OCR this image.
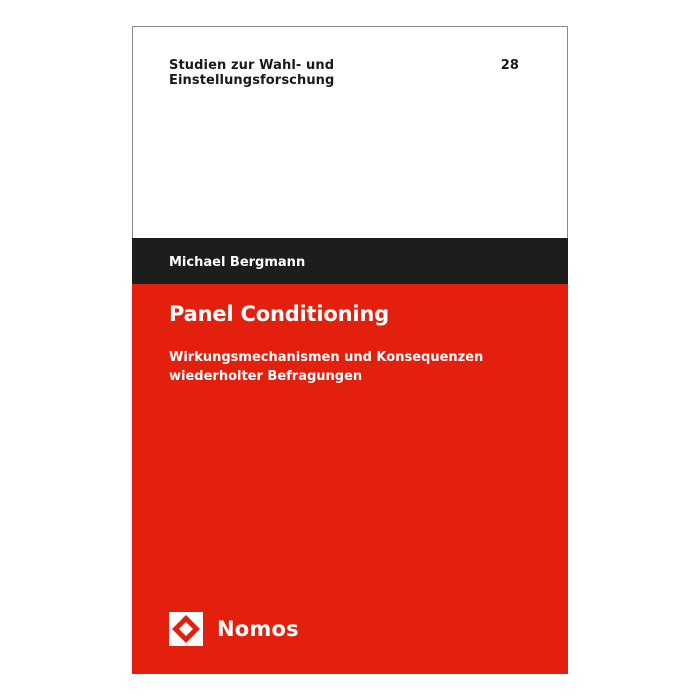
Studien zur Wahl- und Einstellungsforschung
28
Michael Bergmann
Panel Conditioning
Wirkungsmechanismen und Konsequenzen
wiederholter Befragungen
Nomos
